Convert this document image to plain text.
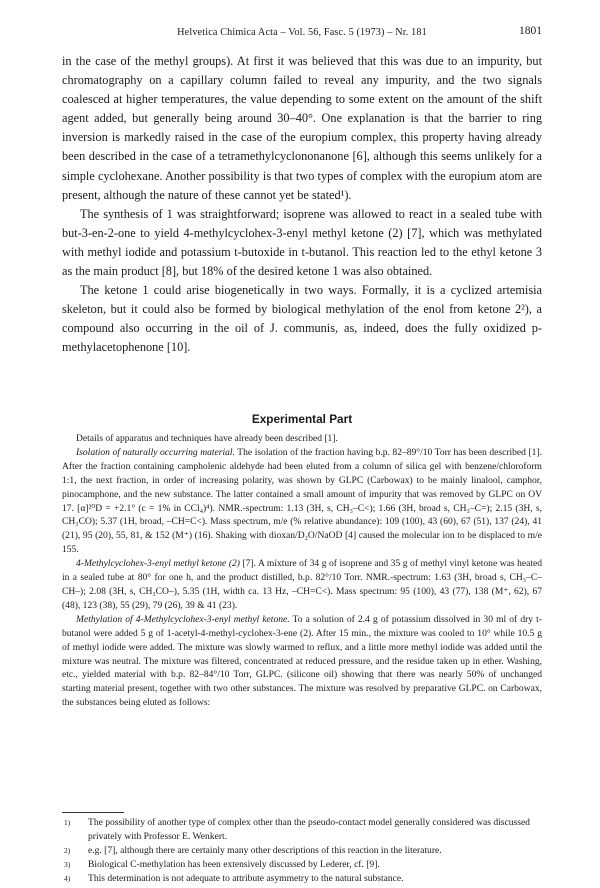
Helvetica Chimica Acta – Vol. 56, Fasc. 5 (1973) – Nr. 181	1801

in the case of the methyl groups). At first it was believed that this was due to an impurity, but chromatography on a capillary column failed to reveal any impurity, and the two signals coalesced at higher temperatures, the value depending to some extent on the amount of the shift agent added, but generally being around 30–40°. One explanation is that the barrier to ring inversion is markedly raised in the case of the europium complex, this property having already been described in the case of a tetramethylcyclononanone [6], although this seems unlikely for a simple cyclohexane. Another possibility is that two types of complex with the europium atom are present, although the nature of these cannot yet be stated¹).

The synthesis of 1 was straightforward; isoprene was allowed to react in a sealed tube with but-3-en-2-one to yield 4-methylcyclohex-3-enyl methyl ketone (2) [7], which was methylated with methyl iodide and potassium t-butoxide in t-butanol. This reaction led to the ethyl ketone 3 as the main product [8], but 18% of the desired ketone 1 was also obtained.

The ketone 1 could arise biogenetically in two ways. Formally, it is a cyclized artemisia skeleton, but it could also be formed by biological methylation of the enol from ketone 2²), a compound also occurring in the oil of J. communis, as, indeed, does the fully oxidized p-methylacetophenone [10].

Experimental Part

Details of apparatus and techniques have already been described [1].

Isolation of naturally occurring material. The isolation of the fraction having b.p. 82–89°/10 Torr has been described [1]. After the fraction containing campholenic aldehyde had been eluted from a column of silica gel with benzene/chloroform 1:1, the next fraction, in order of increasing polarity, was shown by GLPC (Carbowax) to be mainly linalool, camphor, pinocamphone, and the new substance. The latter contained a small amount of impurity that was removed by GLPC on OV 17. [α]²⁰D = +2.1° (c = 1% in CCl₄)⁴). NMR.-spectrum: 1.13 (3H, s, CH₃–C<); 1.66 (3H, broad s, CH₃–C=); 2.15 (3H, s, CH₃CO); 5.37 (1H, broad, –CH=C<). Mass spectrum, m/e (% relative abundance): 109 (100), 43 (60), 67 (51), 137 (24), 41 (21), 95 (20), 55, 81, & 152 (M⁺) (16). Shaking with dioxan/D₂O/NaOD [4] caused the molecular ion to be displaced to m/e 155.

4-Methylcyclohex-3-enyl methyl ketone (2) [7]. A mixture of 34 g of isoprene and 35 g of methyl vinyl ketone was heated in a sealed tube at 80° for one h, and the product distilled, b.p. 82°/10 Torr. NMR.-spectrum: 1.63 (3H, broad s, CH₃–C–CH–); 2.08 (3H, s, CH₃CO–), 5.35 (1H, width ca. 13 Hz, –CH=C<). Mass spectrum: 95 (100), 43 (77), 138 (M⁺, 62), 67 (48), 123 (38), 55 (29), 79 (26), 39 & 41 (23).

Methylation of 4-Methylcyclohex-3-enyl methyl ketone. To a solution of 2.4 g of potassium dissolved in 30 ml of dry t-butanol were added 5 g of 1-acetyl-4-methyl-cyclohex-3-ene (2). After 15 min., the mixture was cooled to 10° while 10.5 g of methyl iodide were added. The mixture was slowly warmed to reflux, and a little more methyl iodide was added until the mixture was neutral. The mixture was filtered, concentrated at reduced pressure, and the residue taken up in ether. Washing, etc., yielded material with b.p. 82–84°/10 Torr, GLPC. (silicone oil) showing that there was nearly 50% of unchanged starting material present, together with two other substances. The mixture was resolved by preparative GLPC. on Carbowax, the substances being eluted as follows:

1 ) The possibility of another type of complex other than the pseudo-contact model generally considered was discussed privately with Professor E. Wenkert.
2 ) e.g. [7], although there are certainly many other descriptions of this reaction in the literature.
3 ) Biological C-methylation has been extensively discussed by Lederer, cf. [9].
4 ) This determination is not adequate to attribute asymmetry to the natural substance.
